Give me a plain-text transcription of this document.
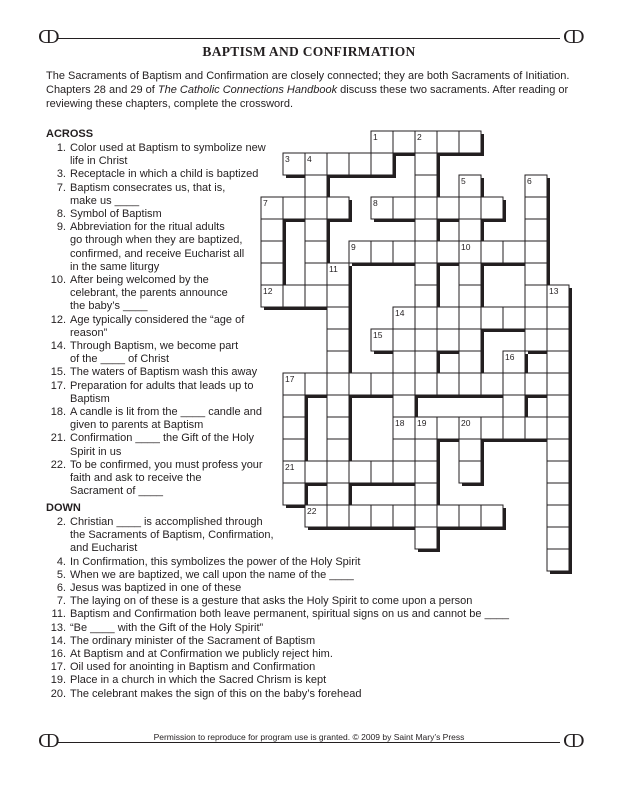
ↀ	ↀ
ↀ	ↀ
BAPTISM AND CONFIRMATION
The Sacraments of Baptism and Confirmation are closely connected; they are both Sacraments of Initiation. Chapters 28 and 29 of The Catholic Connections Handbook discuss these two sacraments. After reading or reviewing these chapters, complete the crossword.
ACROSS
1. Color used at Baptism to symbolize new
life in Christ
3. Receptacle in which a child is baptized
7. Baptism consecrates us, that is,
make us ____
8. Symbol of Baptism
9. Abbreviation for the ritual adults
go through when they are baptized,
confirmed, and receive Eucharist all
in the same liturgy
10. After being welcomed by the
celebrant, the parents announce
the baby’s ____
12. Age typically considered the “age of
reason”
14. Through Baptism, we become part
of the ____ of Christ
15. The waters of Baptism wash this away
17. Preparation for adults that leads up to
Baptism
18. A candle is lit from the ____ candle and
given to parents at Baptism
21. Confirmation ____ the Gift of the Holy
Spirit in us
22. To be confirmed, you must profess your
faith and ask to receive the
Sacrament of ____
DOWN
2. Christian ____ is accomplished through
the Sacraments of Baptism, Confirmation,
and Eucharist
4. In Confirmation, this symbolizes the power of the Holy Spirit
5. When we are baptized, we call upon the name of the ____
6. Jesus was baptized in one of these
7. The laying on of these is a gesture that asks the Holy Spirit to come upon a person
11. Baptism and Confirmation both leave permanent, spiritual signs on us and cannot be ____
13. “Be ____ with the Gift of the Holy Spirit”
14. The ordinary minister of the Sacrament of Baptism
16. At Baptism and at Confirmation we publicly reject him.
17. Oil used for anointing in Baptism and Confirmation
19. Place in a church in which the Sacred Chrism is kept
20. The celebrant makes the sign of this on the baby’s forehead
1	2
3 4
5	6
7	8
9	10
11
12	13
14
15
16
17
18 19	20
21
22
Permission to reproduce for program use is granted. © 2009 by Saint Mary’s Press
